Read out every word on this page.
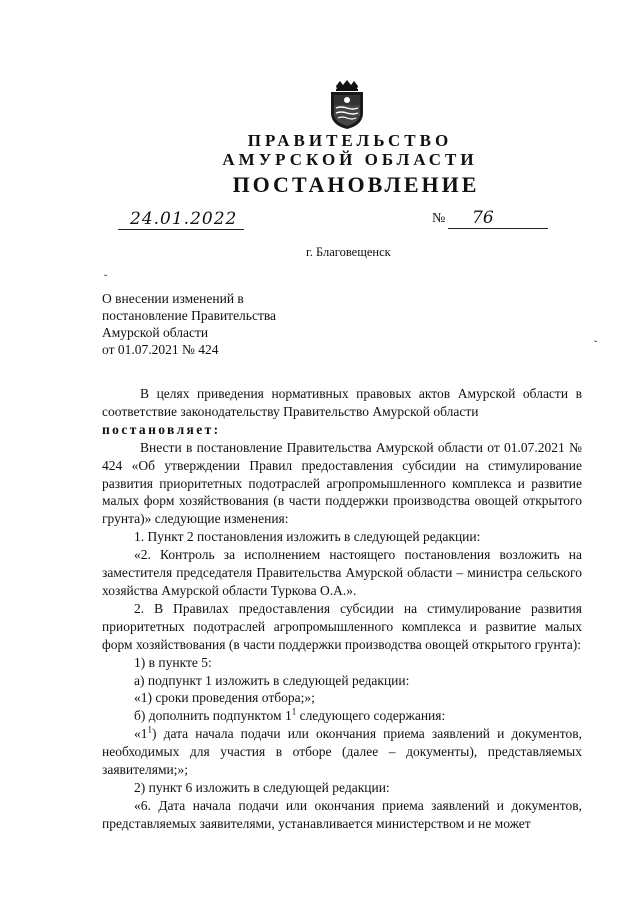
ПРАВИТЕЛЬСТВО
АМУРСКОЙ ОБЛАСТИ
ПОСТАНОВЛЕНИЕ
24.01.2022	№	76
г. Благовещенск
ˇ
ˇ
О внесении изменений в
постановление Правительства
Амурской области
от 01.07.2021 № 424

В целях приведения нормативных правовых актов Амурской области в соответствие законодательству Правительство Амурской области

постановляет:

Внести в постановление Правительства Амурской области от 01.07.2021 № 424 «Об утверждении Правил предоставления субсидии на стимулирование развития приоритетных подотраслей агропромышленного комплекса и развитие малых форм хозяйствования (в части поддержки производства овощей открытого грунта)» следующие изменения:

1. Пункт 2 постановления изложить в следующей редакции:

«2. Контроль за исполнением настоящего постановления возложить на заместителя председателя Правительства Амурской области – министра сельского хозяйства Амурской области Туркова О.А.».

2. В Правилах предоставления субсидии на стимулирование развития приоритетных подотраслей агропромышленного комплекса и развитие малых форм хозяйствования (в части поддержки производства овощей открытого грунта):

1) в пункте 5:

а) подпункт 1 изложить в следующей редакции:

«1) сроки проведения отбора;»;

б) дополнить подпунктом $1^1$ следующего содержания:

«$1^1$) дата начала подачи или окончания приема заявлений и документов, необходимых для участия в отборе (далее – документы), представляемых заявителями;»;

2) пункт 6 изложить в следующей редакции:

«6. Дата начала подачи или окончания приема заявлений и документов, представляемых заявителями, устанавливается министерством и не может
